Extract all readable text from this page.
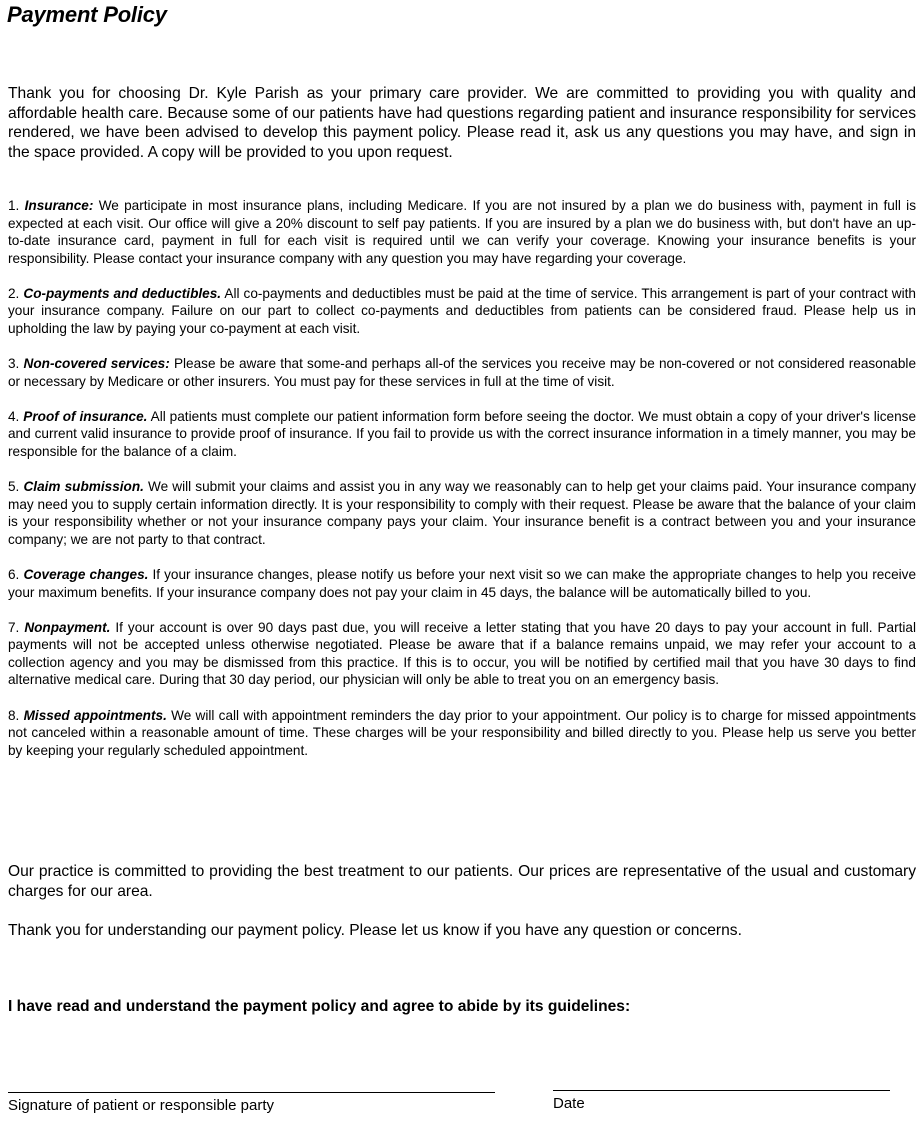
Payment Policy

Thank you for choosing Dr. Kyle Parish as your primary care provider. We are committed to providing you with quality and affordable health care. Because some of our patients have had questions regarding patient and insurance responsibility for services rendered, we have been advised to develop this payment policy. Please read it, ask us any questions you may have, and sign in the space provided. A copy will be provided to you upon request.

1. Insurance: We participate in most insurance plans, including Medicare. If you are not insured by a plan we do business with, payment in full is expected at each visit. Our office will give a 20% discount to self pay patients. If you are insured by a plan we do business with, but don't have an up-to-date insurance card, payment in full for each visit is required until we can verify your coverage. Knowing your insurance benefits is your responsibility. Please contact your insurance company with any question you may have regarding your coverage.
2. Co-payments and deductibles. All co-payments and deductibles must be paid at the time of service. This arrangement is part of your contract with your insurance company. Failure on our part to collect co-payments and deductibles from patients can be considered fraud. Please help us in upholding the law by paying your co-payment at each visit.
3. Non-covered services: Please be aware that some-and perhaps all-of the services you receive may be non-covered or not considered reasonable or necessary by Medicare or other insurers. You must pay for these services in full at the time of visit.
4. Proof of insurance. All patients must complete our patient information form before seeing the doctor. We must obtain a copy of your driver's license and current valid insurance to provide proof of insurance. If you fail to provide us with the correct insurance information in a timely manner, you may be responsible for the balance of a claim.
5. Claim submission. We will submit your claims and assist you in any way we reasonably can to help get your claims paid. Your insurance company may need you to supply certain information directly. It is your responsibility to comply with their request. Please be aware that the balance of your claim is your responsibility whether or not your insurance company pays your claim. Your insurance benefit is a contract between you and your insurance company; we are not party to that contract.
6. Coverage changes. If your insurance changes, please notify us before your next visit so we can make the appropriate changes to help you receive your maximum benefits. If your insurance company does not pay your claim in 45 days, the balance will be automatically billed to you.
7. Nonpayment. If your account is over 90 days past due, you will receive a letter stating that you have 20 days to pay your account in full. Partial payments will not be accepted unless otherwise negotiated. Please be aware that if a balance remains unpaid, we may refer your account to a collection agency and you may be dismissed from this practice. If this is to occur, you will be notified by certified mail that you have 30 days to find alternative medical care. During that 30 day period, our physician will only be able to treat you on an emergency basis.
8. Missed appointments. We will call with appointment reminders the day prior to your appointment. Our policy is to charge for missed appointments not canceled within a reasonable amount of time. These charges will be your responsibility and billed directly to you. Please help us serve you better by keeping your regularly scheduled appointment.

Our practice is committed to providing the best treatment to our patients. Our prices are representative of the usual and customary charges for our area.

Thank you for understanding our payment policy. Please let us know if you have any question or concerns.

I have read and understand the payment policy and agree to abide by its guidelines:

Signature of patient or responsible party	Date
